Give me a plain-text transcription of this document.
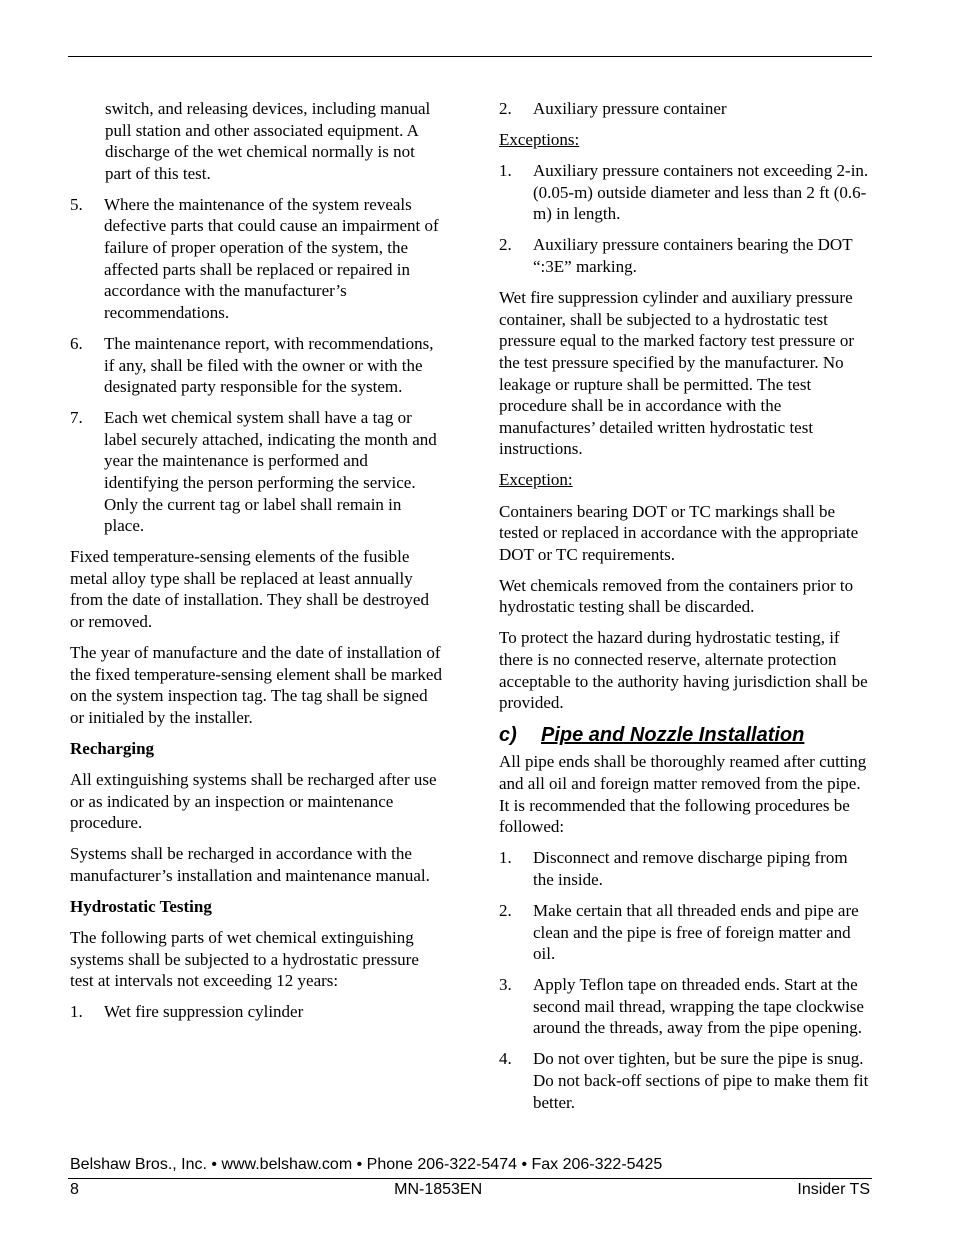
switch, and releasing devices, including manual pull station and other associated equipment. A discharge of the wet chemical normally is not part of this test.

5.	Where the maintenance of the system reveals defective parts that could cause an impairment of failure of proper operation of the system, the affected parts shall be replaced or repaired in accordance with the manufacturer’s recommendations.
6.	The maintenance report, with recommendations, if any, shall be filed with the owner or with the designated party responsible for the system.
7.	Each wet chemical system shall have a tag or label securely attached, indicating the month and year the maintenance is performed and identifying the person performing the service. Only the current tag or label shall remain in place.

Fixed temperature-sensing elements of the fusible metal alloy type shall be replaced at least annually from the date of installation. They shall be destroyed or removed.

The year of manufacture and the date of installation of the fixed temperature-sensing element shall be marked on the system inspection tag. The tag shall be signed or initialed by the installer.

Recharging

All extinguishing systems shall be recharged after use or as indicated by an inspection or maintenance procedure.

Systems shall be recharged in accordance with the manufacturer’s installation and maintenance manual.

Hydrostatic Testing

The following parts of wet chemical extinguishing systems shall be subjected to a hydrostatic pressure test at intervals not exceeding 12 years:

1.	Wet fire suppression cylinder
2.	Auxiliary pressure container

Exceptions:

1.	Auxiliary pressure containers not exceeding 2-in. (0.05-m) outside diameter and less than 2 ft (0.6-m) in length.
2.	Auxiliary pressure containers bearing the DOT “:3E” marking.

Wet fire suppression cylinder and auxiliary pressure container, shall be subjected to a hydrostatic test pressure equal to the marked factory test pressure or the test pressure specified by the manufacturer. No leakage or rupture shall be permitted. The test procedure shall be in accordance with the manufactures’ detailed written hydrostatic test instructions.

Exception:

Containers bearing DOT or TC markings shall be tested or replaced in accordance with the appropriate DOT or TC requirements.

Wet chemicals removed from the containers prior to hydrostatic testing shall be discarded.

To protect the hazard during hydrostatic testing, if there is no connected reserve, alternate protection acceptable to the authority having jurisdiction shall be provided.

c) Pipe and Nozzle Installation

All pipe ends shall be thoroughly reamed after cutting and all oil and foreign matter removed from the pipe. It is recommended that the following procedures be followed:

1.	Disconnect and remove discharge piping from the inside.
2.	Make certain that all threaded ends and pipe are clean and the pipe is free of foreign matter and oil.
3.	Apply Teflon tape on threaded ends. Start at the second mail thread, wrapping the tape clockwise around the threads, away from the pipe opening.
4.	Do not over tighten, but be sure the pipe is snug. Do not back-off sections of pipe to make them fit better.
Belshaw Bros., Inc. • www.belshaw.com • Phone 206-322-5474 • Fax 206-322-5425
8	MN-1853EN	Insider TS
